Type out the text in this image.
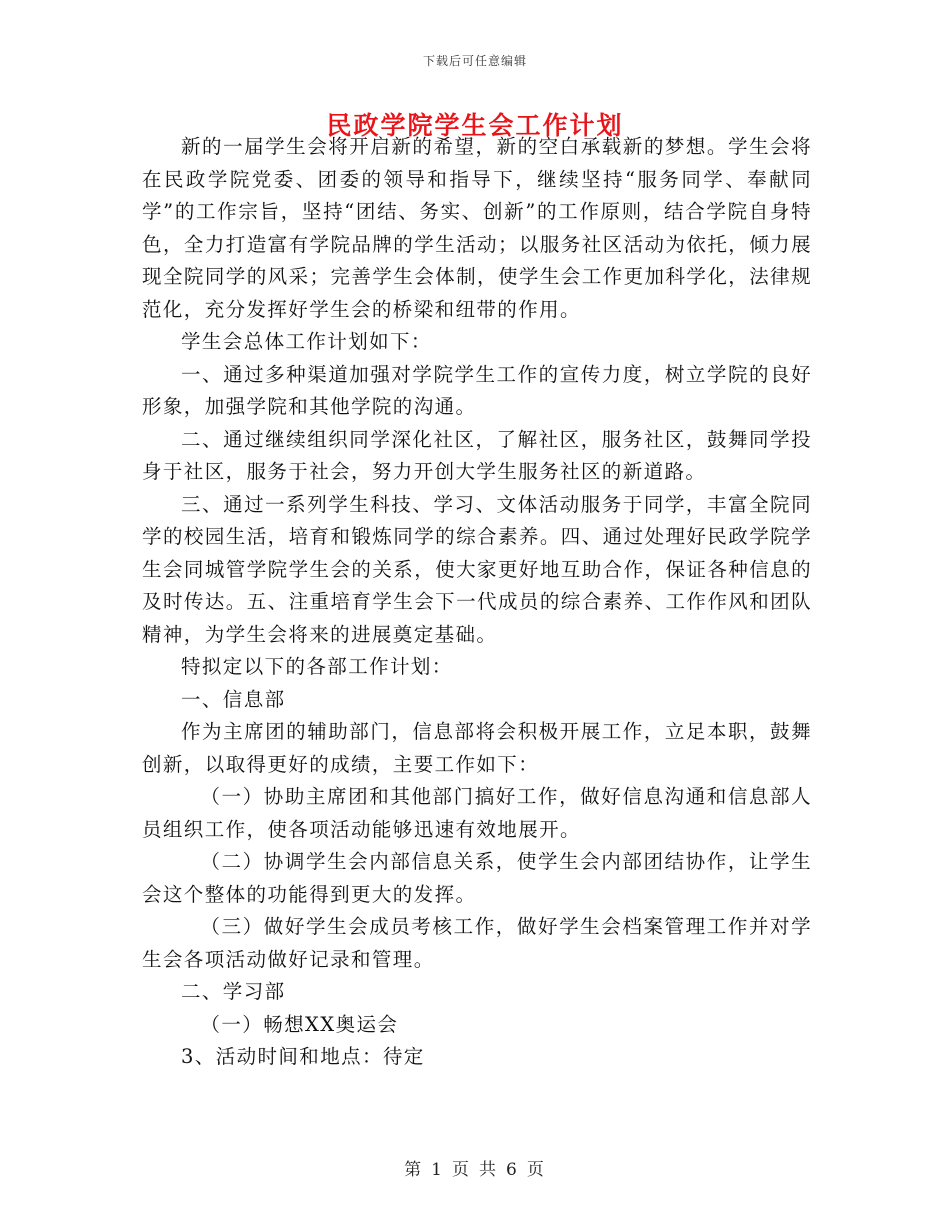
下载后可任意编辑
民政学院学生会工作计划

新的一届学生会将开启新的希望，新的空白承载新的梦想。学生会将在民政学院党委、团委的领导和指导下，继续坚持“服务同学、奉献同学”的工作宗旨，坚持“团结、务实、创新”的工作原则，结合学院自身特色，全力打造富有学院品牌的学生活动；以服务社区活动为依托，倾力展现全院同学的风采；完善学生会体制，使学生会工作更加科学化，法律规范化，充分发挥好学生会的桥梁和纽带的作用。

学生会总体工作计划如下：

一、通过多种渠道加强对学院学生工作的宣传力度，树立学院的良好形象，加强学院和其他学院的沟通。

二、通过继续组织同学深化社区，了解社区，服务社区，鼓舞同学投身于社区，服务于社会，努力开创大学生服务社区的新道路。

三、通过一系列学生科技、学习、文体活动服务于同学，丰富全院同学的校园生活，培育和锻炼同学的综合素养。四、通过处理好民政学院学生会同城管学院学生会的关系，使大家更好地互助合作，保证各种信息的及时传达。五、注重培育学生会下一代成员的综合素养、工作作风和团队精神，为学生会将来的进展奠定基础。

特拟定以下的各部工作计划：

一、信息部

作为主席团的辅助部门，信息部将会积极开展工作，立足本职，鼓舞创新，以取得更好的成绩，主要工作如下：

（一）协助主席团和其他部门搞好工作，做好信息沟通和信息部人员组织工作，使各项活动能够迅速有效地展开。

（二）协调学生会内部信息关系，使学生会内部团结协作，让学生会这个整体的功能得到更大的发挥。

（三）做好学生会成员考核工作，做好学生会档案管理工作并对学生会各项活动做好记录和管理。

二、学习部

（一）畅想XX奥运会

3、活动时间和地点：待定

第 1 页 共 6 页
